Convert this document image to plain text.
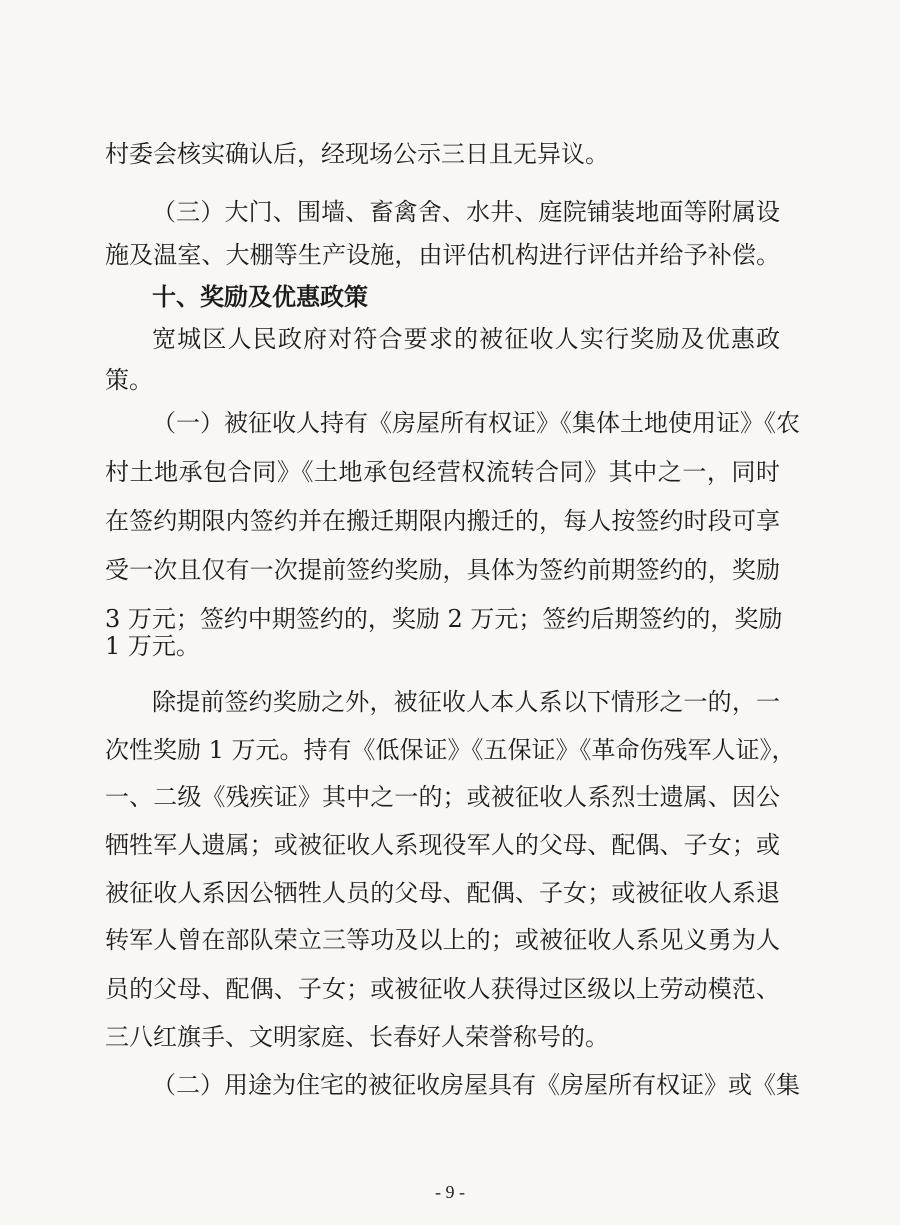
村委会核实确认后，经现场公示三日且无异议。
（三）大门、围墙、畜禽舍、水井、庭院铺装地面等附属设
施及温室、大棚等生产设施，由评估机构进行评估并给予补偿。
十、奖励及优惠政策
宽城区人民政府对符合要求的被征收人实行奖励及优惠政
策。
（一）被征收人持有《房屋所有权证》《集体土地使用证》《农
村土地承包合同》《土地承包经营权流转合同》其中之一，同时
在签约期限内签约并在搬迁期限内搬迁的，每人按签约时段可享
受一次且仅有一次提前签约奖励，具体为签约前期签约的，奖励
3 万元；签约中期签约的，奖励 2 万元；签约后期签约的，奖励
1 万元。
除提前签约奖励之外，被征收人本人系以下情形之一的，一
次性奖励 1 万元。持有《低保证》《五保证》《革命伤残军人证》，
一、二级《残疾证》其中之一的；或被征收人系烈士遗属、因公
牺牲军人遗属；或被征收人系现役军人的父母、配偶、子女；或
被征收人系因公牺牲人员的父母、配偶、子女；或被征收人系退
转军人曾在部队荣立三等功及以上的；或被征收人系见义勇为人
员的父母、配偶、子女；或被征收人获得过区级以上劳动模范、
三八红旗手、文明家庭、长春好人荣誉称号的。
（二）用途为住宅的被征收房屋具有《房屋所有权证》或《集
- 9 -
